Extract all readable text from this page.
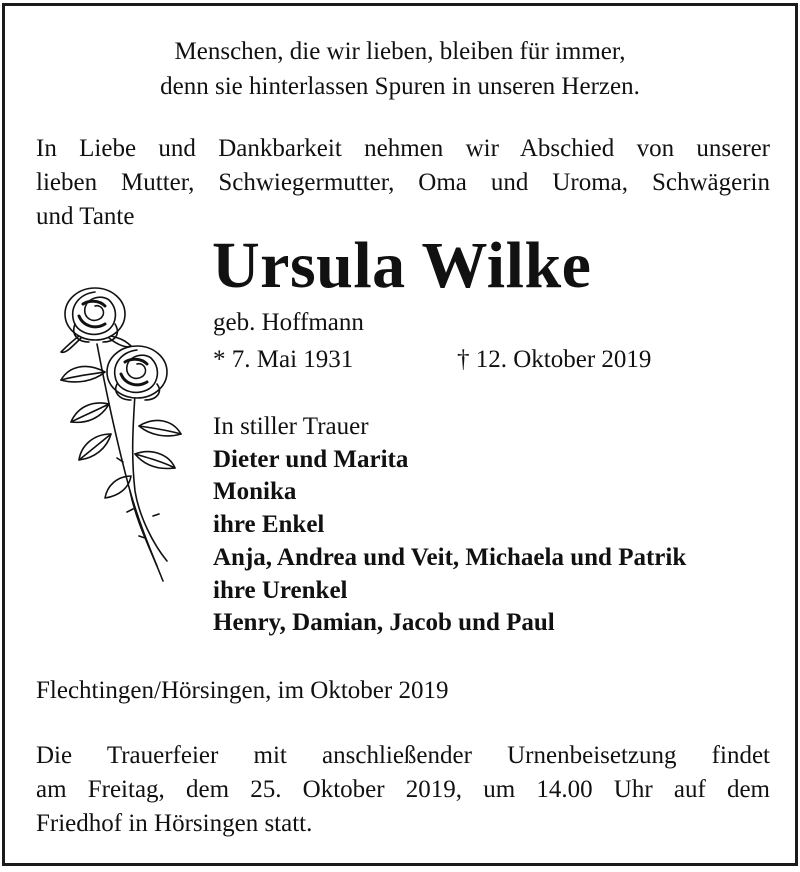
Menschen, die wir lieben, bleiben für immer,
denn sie hinterlassen Spuren in unseren Herzen.
In Liebe und Dankbarkeit nehmen wir Abschied von unserer
lieben Mutter, Schwiegermutter, Oma und Uroma, Schwägerin
und Tante
Ursula Wilke
geb. Hoffmann
* 7. Mai 1931	† 12. Oktober 2019
In stiller Trauer
Dieter und Marita
Monika
ihre Enkel
Anja, Andrea und Veit, Michaela und Patrik
ihre Urenkel
Henry, Damian, Jacob und Paul
Flechtingen/Hörsingen, im Oktober 2019
Die Trauerfeier mit anschließender Urnenbeisetzung findet
am Freitag, dem 25. Oktober 2019, um 14.00 Uhr auf dem
Friedhof in Hörsingen statt.
